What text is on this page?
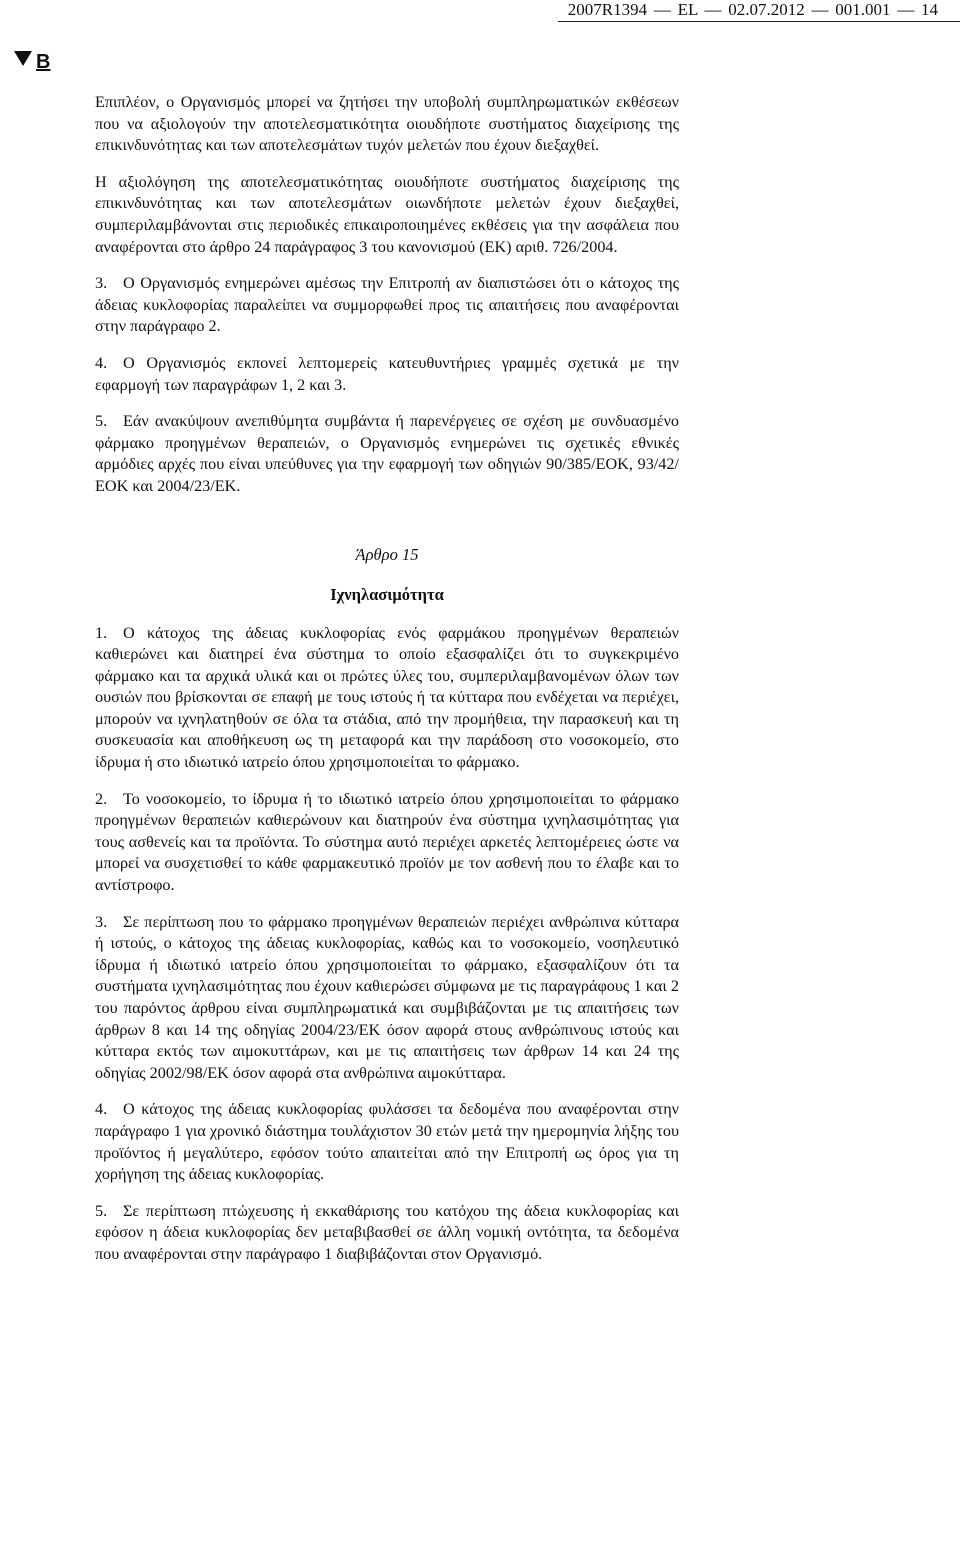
2007R1394 — EL — 02.07.2012 — 001.001 — 14
B

Επιπλέον, ο Οργανισμός μπορεί να ζητήσει την υποβολή συμπληρωματικών εκθέσεων που να αξιολογούν την αποτελεσματικότητα οιουδήποτε συστήματος διαχείρισης της επικινδυνότητας και των αποτελεσμάτων τυχόν μελετών που έχουν διεξαχθεί.

Η αξιολόγηση της αποτελεσματικότητας οιουδήποτε συστήματος διαχείρισης της επικινδυνότητας και των αποτελεσμάτων οιωνδήποτε μελετών έχουν διεξαχθεί, συμπεριλαμβάνονται στις περιοδικές επικαιροποιημένες εκθέσεις για την ασφάλεια που αναφέρονται στο άρθρο 24 παράγραφος 3 του κανονισμού (ΕΚ) αριθ. 726/2004.

3. Ο Οργανισμός ενημερώνει αμέσως την Επιτροπή αν διαπιστώσει ότι ο κάτοχος της άδειας κυκλοφορίας παραλείπει να συμμορφωθεί προς τις απαιτήσεις που αναφέρονται στην παράγραφο 2.

4. Ο Οργανισμός εκπονεί λεπτομερείς κατευθυντήριες γραμμές σχετικά με την εφαρμογή των παραγράφων 1, 2 και 3.

5. Εάν ανακύψουν ανεπιθύμητα συμβάντα ή παρενέργειες σε σχέση με συνδυασμένο φάρμακο προηγμένων θεραπειών, ο Οργανισμός ενημερώνει τις σχετικές εθνικές αρμόδιες αρχές που είναι υπεύθυνες για την εφαρμογή των οδηγιών 90/385/ΕΟΚ, 93/42/ΕΟΚ και 2004/23/ΕΚ.

Άρθρο 15
Ιχνηλασιμότητα

1. Ο κάτοχος της άδειας κυκλοφορίας ενός φαρμάκου προηγμένων θεραπειών καθιερώνει και διατηρεί ένα σύστημα το οποίο εξασφαλίζει ότι το συγκεκριμένο φάρμακο και τα αρχικά υλικά και οι πρώτες ύλες του, συμπεριλαμβανομένων όλων των ουσιών που βρίσκονται σε επαφή με τους ιστούς ή τα κύτταρα που ενδέχεται να περιέχει, μπορούν να ιχνηλατηθούν σε όλα τα στάδια, από την προμήθεια, την παρασκευή και τη συσκευασία και αποθήκευση ως τη μεταφορά και την παράδοση στο νοσοκομείο, στο ίδρυμα ή στο ιδιωτικό ιατρείο όπου χρησιμοποιείται το φάρμακο.

2. Το νοσοκομείο, το ίδρυμα ή το ιδιωτικό ιατρείο όπου χρησιμοποιείται το φάρμακο προηγμένων θεραπειών καθιερώνουν και διατηρούν ένα σύστημα ιχνηλασιμότητας για τους ασθενείς και τα προϊόντα. Το σύστημα αυτό περιέχει αρκετές λεπτομέρειες ώστε να μπορεί να συσχετισθεί το κάθε φαρμακευτικό προϊόν με τον ασθενή που το έλαβε και το αντίστροφο.

3. Σε περίπτωση που το φάρμακο προηγμένων θεραπειών περιέχει ανθρώπινα κύτταρα ή ιστούς, ο κάτοχος της άδειας κυκλοφορίας, καθώς και το νοσοκομείο, νοσηλευτικό ίδρυμα ή ιδιωτικό ιατρείο όπου χρησιμοποιείται το φάρμακο, εξασφαλίζουν ότι τα συστήματα ιχνηλασιμότητας που έχουν καθιερώσει σύμφωνα με τις παραγράφους 1 και 2 του παρόντος άρθρου είναι συμπληρωματικά και συμβιβάζονται με τις απαιτήσεις των άρθρων 8 και 14 της οδηγίας 2004/23/ΕΚ όσον αφορά στους ανθρώπινους ιστούς και κύτταρα εκτός των αιμοκυττάρων, και με τις απαιτήσεις των άρθρων 14 και 24 της οδηγίας 2002/98/ΕΚ όσον αφορά στα ανθρώπινα αιμοκύτταρα.

4. Ο κάτοχος της άδειας κυκλοφορίας φυλάσσει τα δεδομένα που αναφέρονται στην παράγραφο 1 για χρονικό διάστημα τουλάχιστον 30 ετών μετά την ημερομηνία λήξης του προϊόντος ή μεγαλύτερο, εφόσον τούτο απαιτείται από την Επιτροπή ως όρος για τη χορήγηση της άδειας κυκλοφορίας.

5. Σε περίπτωση πτώχευσης ή εκκαθάρισης του κατόχου της άδεια κυκλοφορίας και εφόσον η άδεια κυκλοφορίας δεν μεταβιβασθεί σε άλλη νομική οντότητα, τα δεδομένα που αναφέρονται στην παράγραφο 1 διαβιβάζονται στον Οργανισμό.
